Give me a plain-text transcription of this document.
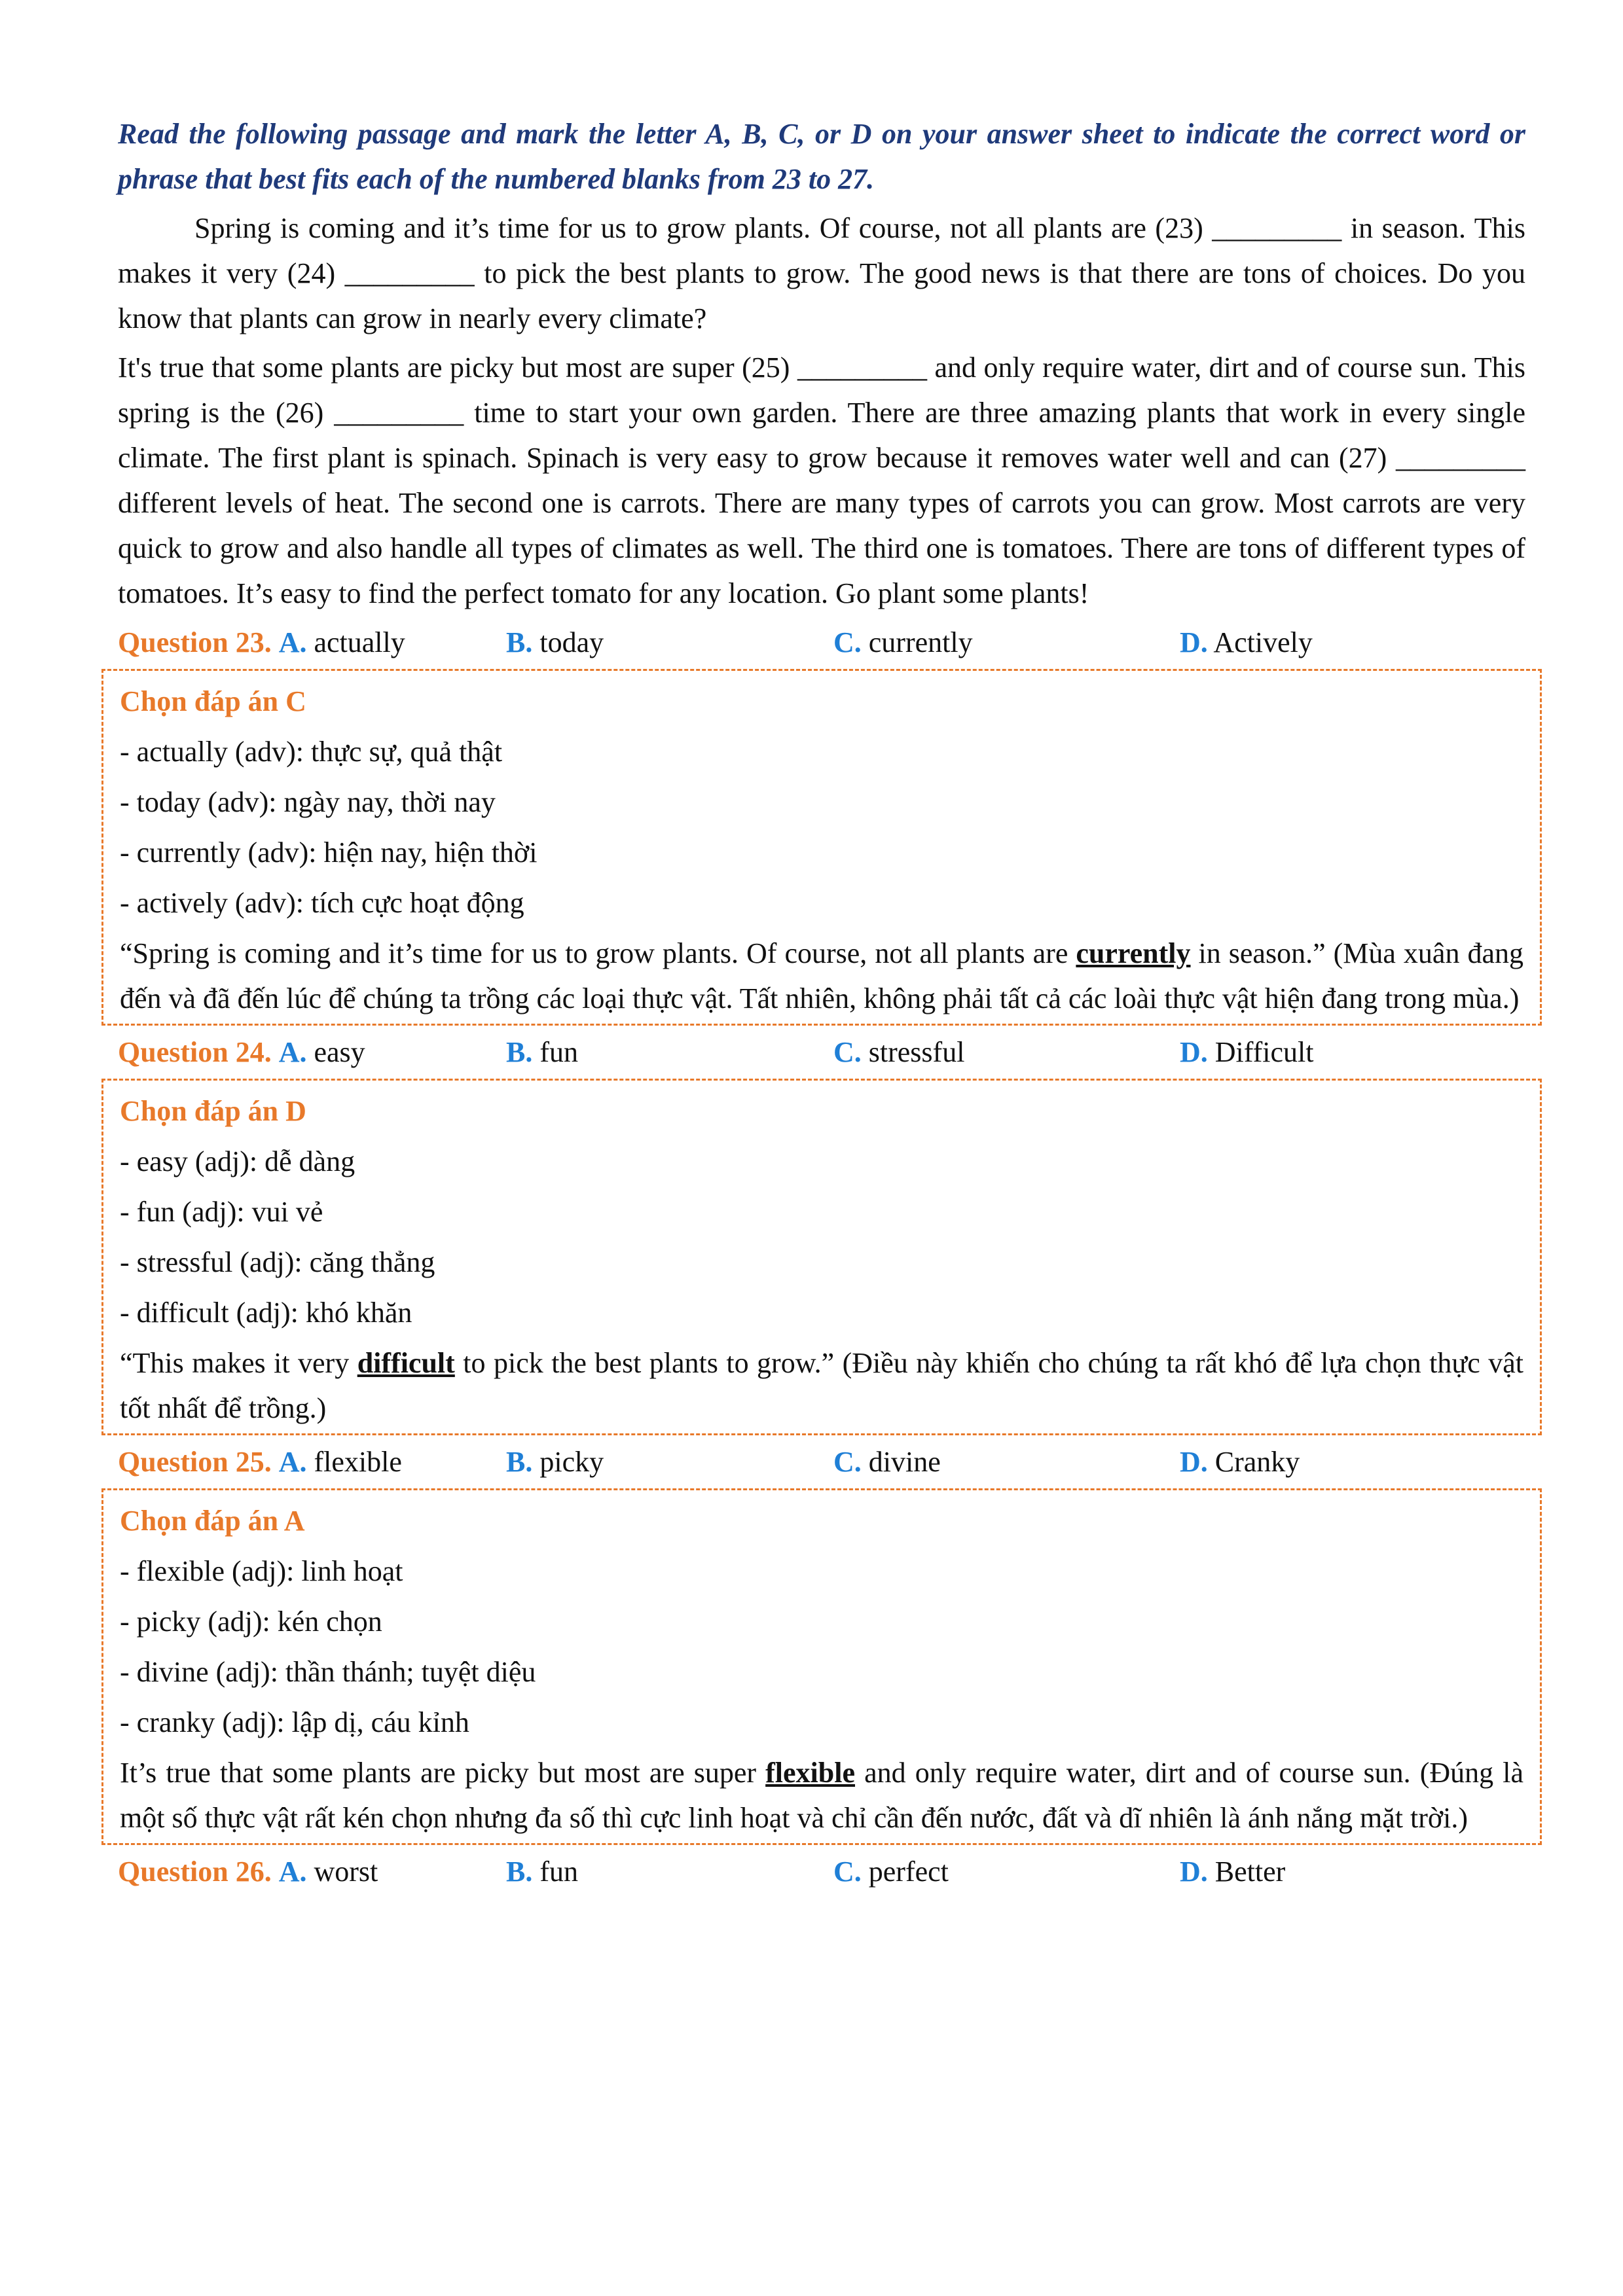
Read the following passage and mark the letter A, B, C, or D on your answer sheet to indicate the correct word or phrase that best fits each of the numbered blanks from 23 to 27.

Spring is coming and it’s time for us to grow plants. Of course, not all plants are (23) _________ in season. This makes it very (24) _________ to pick the best plants to grow. The good news is that there are tons of choices. Do you know that plants can grow in nearly every climate?

It's true that some plants are picky but most are super (25) _________ and only require water, dirt and of course sun. This spring is the (26) _________ time to start your own garden. There are three amazing plants that work in every single climate. The first plant is spinach. Spinach is very easy to grow because it removes water well and can (27) _________ different levels of heat. The second one is carrots. There are many types of carrots you can grow. Most carrots are very quick to grow and also handle all types of climates as well. The third one is tomatoes. There are tons of different types of tomatoes. It’s easy to find the perfect tomato for any location. Go plant some plants!

Question 23. A. actually	B. today	C. currently	D. Actively
Chọn đáp án C
- actually (adv): thực sự, quả thật
- today (adv): ngày nay, thời nay
- currently (adv): hiện nay, hiện thời
- actively (adv): tích cực hoạt động
“Spring is coming and it’s time for us to grow plants. Of course, not all plants are currently in season.” (Mùa xuân đang đến và đã đến lúc để chúng ta trồng các loại thực vật. Tất nhiên, không phải tất cả các loài thực vật hiện đang trong mùa.)
Question 24. A. easy	B. fun	C. stressful	D. Difficult
Chọn đáp án D
- easy (adj): dễ dàng
- fun (adj): vui vẻ
- stressful (adj): căng thẳng
- difficult (adj): khó khăn
“This makes it very difficult to pick the best plants to grow.” (Điều này khiến cho chúng ta rất khó để lựa chọn thực vật tốt nhất để trồng.)
Question 25. A. flexible	B. picky	C. divine	D. Cranky
Chọn đáp án A
- flexible (adj): linh hoạt
- picky (adj): kén chọn
- divine (adj): thần thánh; tuyệt diệu
- cranky (adj): lập dị, cáu kỉnh
It’s true that some plants are picky but most are super flexible and only require water, dirt and of course sun. (Đúng là một số thực vật rất kén chọn nhưng đa số thì cực linh hoạt và chỉ cần đến nước, đất và dĩ nhiên là ánh nắng mặt trời.)
Question 26. A. worst	B. fun	C. perfect	D. Better
